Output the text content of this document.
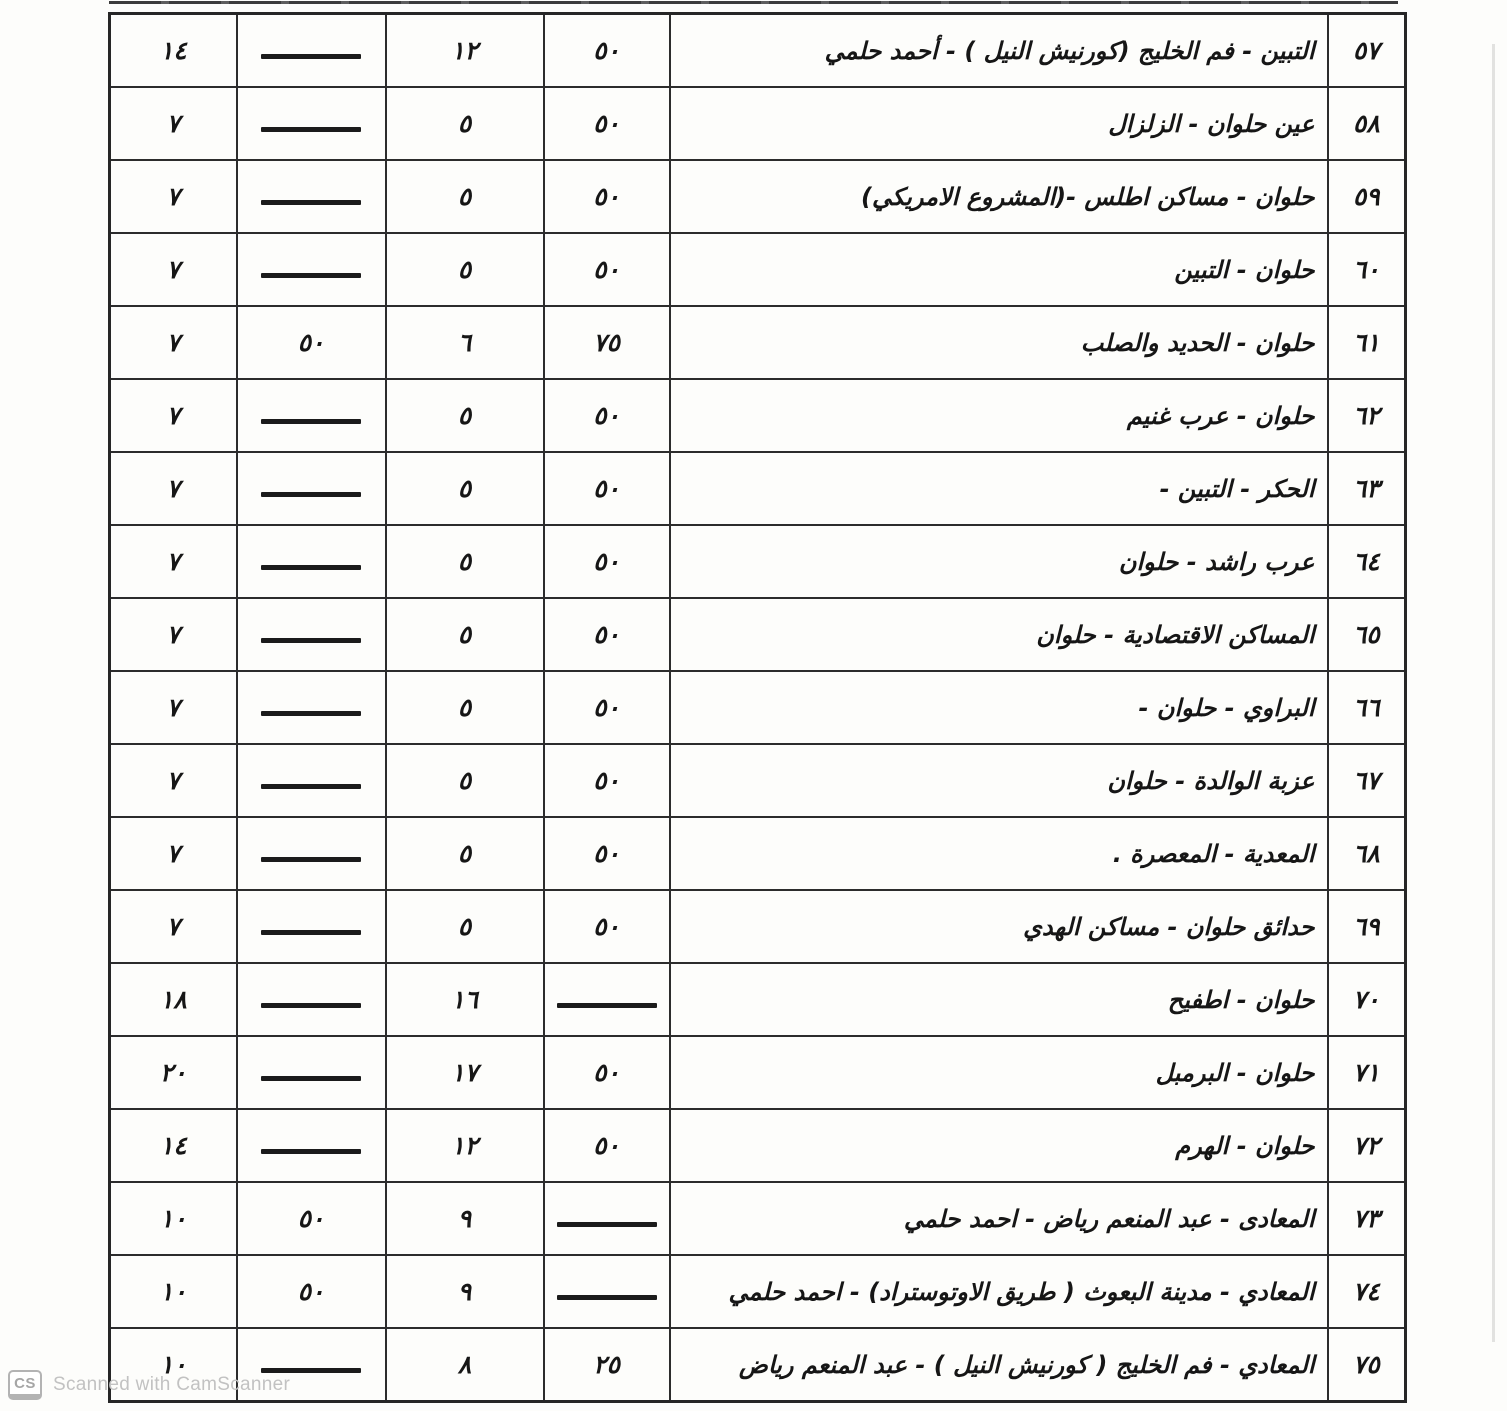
٥٧	التبين - فم الخليج (كورنيش النيل ) - أحمد حلمي	٥٠	١٢		١٤
٥٨	عين حلوان - الزلزال	٥٠	٥		٧
٥٩	حلوان - مساكن اطلس -(المشروع الامريكي)	٥٠	٥		٧
٦٠	حلوان - التبين	٥٠	٥		٧
٦١	حلوان - الحديد والصلب	٧٥	٦	٥٠	٧
٦٢	حلوان - عرب غنيم	٥٠	٥		٧
٦٣	الحكر - التبين -	٥٠	٥		٧
٦٤	عرب راشد - حلوان	٥٠	٥		٧
٦٥	المساكن الاقتصادية - حلوان	٥٠	٥		٧
٦٦	البراوي - حلوان -	٥٠	٥		٧
٦٧	عزبة الوالدة - حلوان	٥٠	٥		٧
٦٨	المعدية - المعصرة .	٥٠	٥		٧
٦٩	حدائق حلوان - مساكن الهدي	٥٠	٥		٧
٧٠	حلوان - اطفيح		١٦		١٨
٧١	حلوان - البرمبل	٥٠	١٧		٢٠
٧٢	حلوان - الهرم	٥٠	١٢		١٤
٧٣	المعادى - عبد المنعم رياض - احمد حلمي		٩	٥٠	١٠
٧٤	المعادي - مدينة البعوث ( طريق الاوتوستراد) - احمد حلمي		٩	٥٠	١٠
٧٥	المعادي - فم الخليج ( كورنيش النيل ) - عبد المنعم رياض	٢٥	٨		١٠
CS Scanned with CamScanner
